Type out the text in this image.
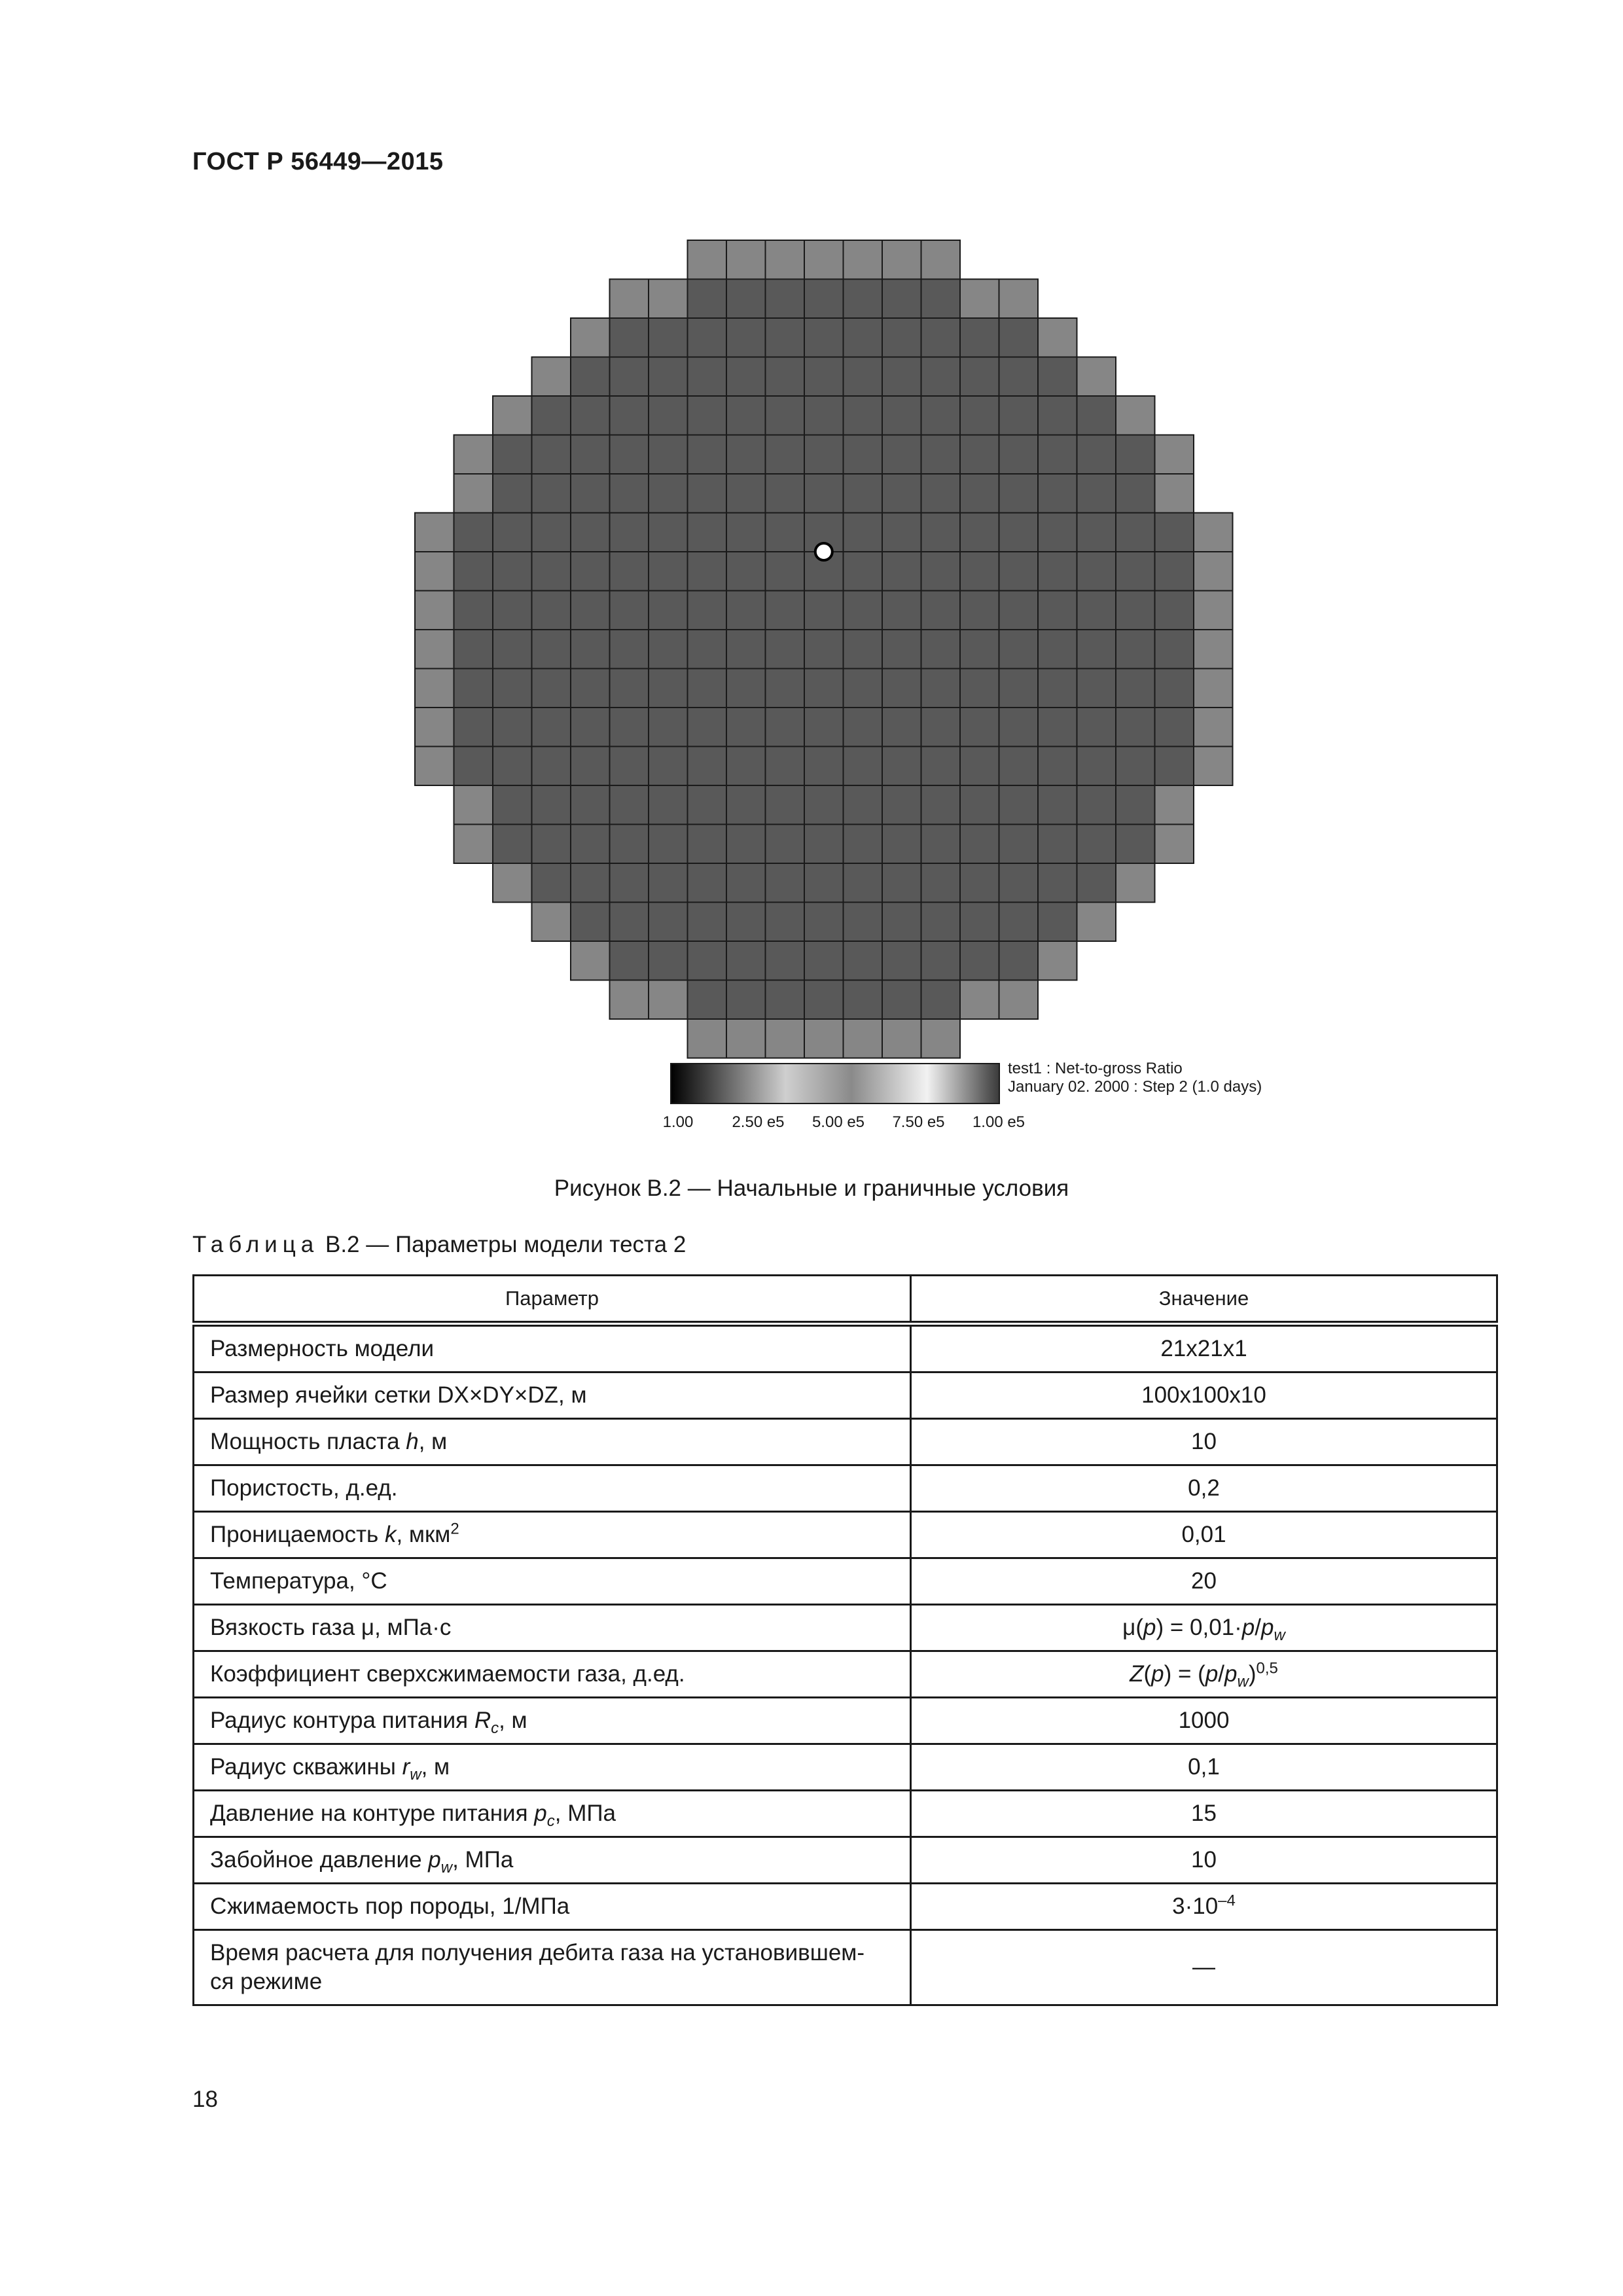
ГОСТ Р 56449—2015
test1 : Net-to-gross Ratio
January 02. 2000 : Step 2 (1.0 days)
1.00 2.50 e5 5.00 e5 7.50 e5 1.00 e5
Рисунок В.2 — Начальные и граничные условия
Таблица В.2 — Параметры модели теста 2
Параметр	Значение
Размерность модели	21x21x1
Размер ячейки сетки DX×DY×DZ, м	100x100x10
Мощность пласта h, м	10
Пористость, д.ед.	0,2
Проницаемость k, мкм$^2$	0,01
Температура, °С	20
Вязкость газа μ, мПа·с	$\mu(p) = 0,01\cdot p/p_w$
Коэффициент сверхсжимаемости газа, д.ед.	$Z(p) = (p/p_w)^{0,5}$
Радиус контура питания $R_c$, м	1000
Радиус скважины $r_w$, м	0,1
Давление на контуре питания $p_c$, МПа	15
Забойное давление $p_w$, МПа	10
Сжимаемость пор породы, 1/МПа	$3\cdot 10^{-4}$
Время расчета для получения дебита газа на установившем-
ся режиме	—
18
